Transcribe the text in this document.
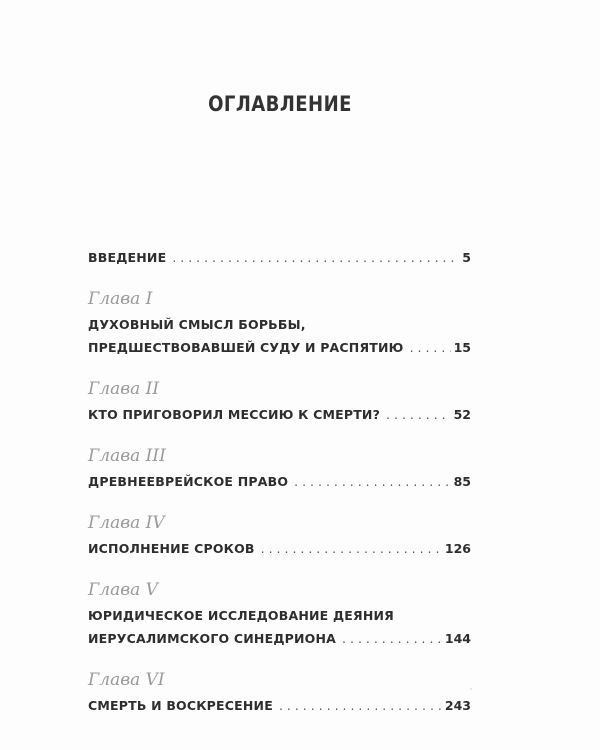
ОГЛАВЛЕНИЕ
ВВЕДЕНИЕ . . .	5
Глава I
ДУХОВНЫЙ СМЫСЛ БОРЬБЫ,
ПРЕДШЕСТВОВАВШЕЙ СУДУ И РАСПЯТИЮ . . .	15
Глава II
КТО ПРИГОВОРИЛ МЕССИЮ К СМЕРТИ? . . .	52
Глава III
ДРЕВНЕЕВРЕЙСКОЕ ПРАВО . . .	85
Глава IV
ИСПОЛНЕНИЕ СРОКОВ . . .	126
Глава V
ЮРИДИЧЕСКОЕ ИССЛЕДОВАНИЕ ДЕЯНИЯ
ИЕРУСАЛИМСКОГО СИНЕДРИОНА . . .	144
Глава VI
СМЕРТЬ И ВОСКРЕСЕНИЕ . . .	243
